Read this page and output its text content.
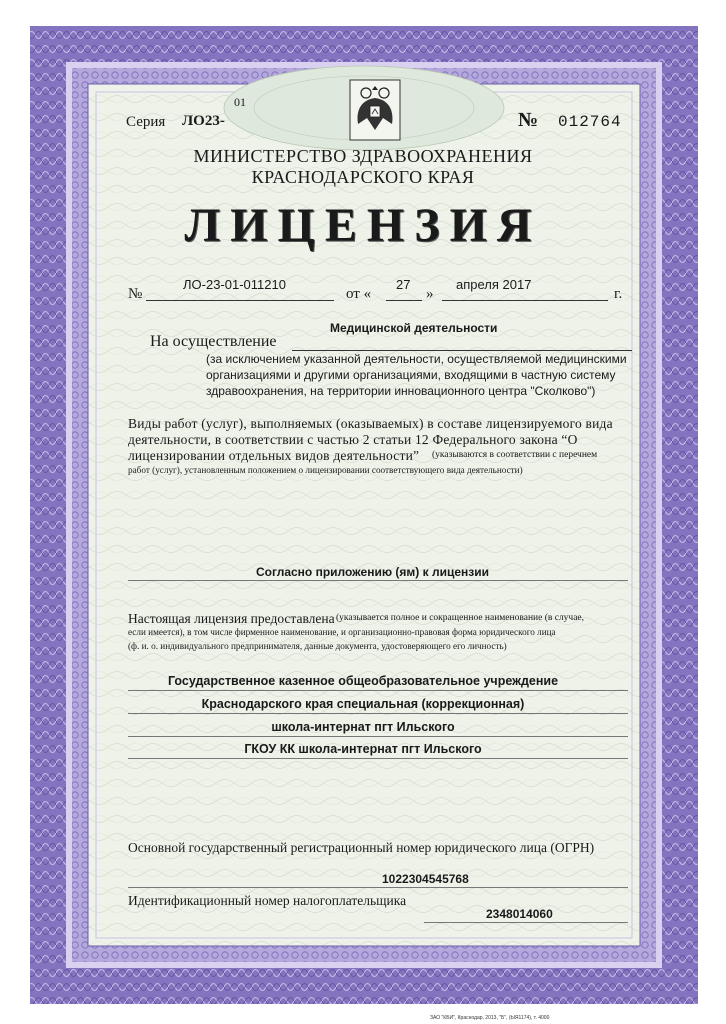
ЗАО "КБИ", Краснодар, 2013, "Б", (ЫЯ1174), т. 4000
Серия ЛО23-
01
№ 012764
МИНИСТЕРСТВО ЗДРАВООХРАНЕНИЯ
КРАСНОДАРСКОГО КРАЯ
ЛИЦЕНЗИЯ
№
ЛО-23-01-011210
от «
27
»
апреля 2017
г.
Медицинской деятельности
На осуществление
(за исключением указанной деятельности, осуществляемой медицинскими
организациями и другими организациями, входящими в частную систему
здравоохранения, на территории инновационного центра "Сколково")
Виды работ (услуг), выполняемых (оказываемых) в составе лицензируемого вида
деятельности, в соответствии с частью 2 статьи 12 Федерального закона “О
лицензировании отдельных видов деятельности” (указываются в соответствии с перечнем
работ (услуг), установленным положением о лицензировании соответствующего вида деятельности)
Согласно приложению (ям) к лицензии
Настоящая лицензия предоставлена (указывается полное и сокращенное наименование (в случае,
если имеется), в том числе фирменное наименование, и организационно-правовая форма юридического лица
(ф. и. о. индивидуального предпринимателя, данные документа, удостоверяющего его личность)
Государственное казенное общеобразовательное учреждение
Краснодарского края специальная (коррекционная)
школа-интернат пгт Ильского
ГКОУ КК школа-интернат пгт Ильского
Основной государственный регистрационный номер юридического лица (ОГРН)
1022304545768
Идентификационный номер налогоплательщика
2348014060
